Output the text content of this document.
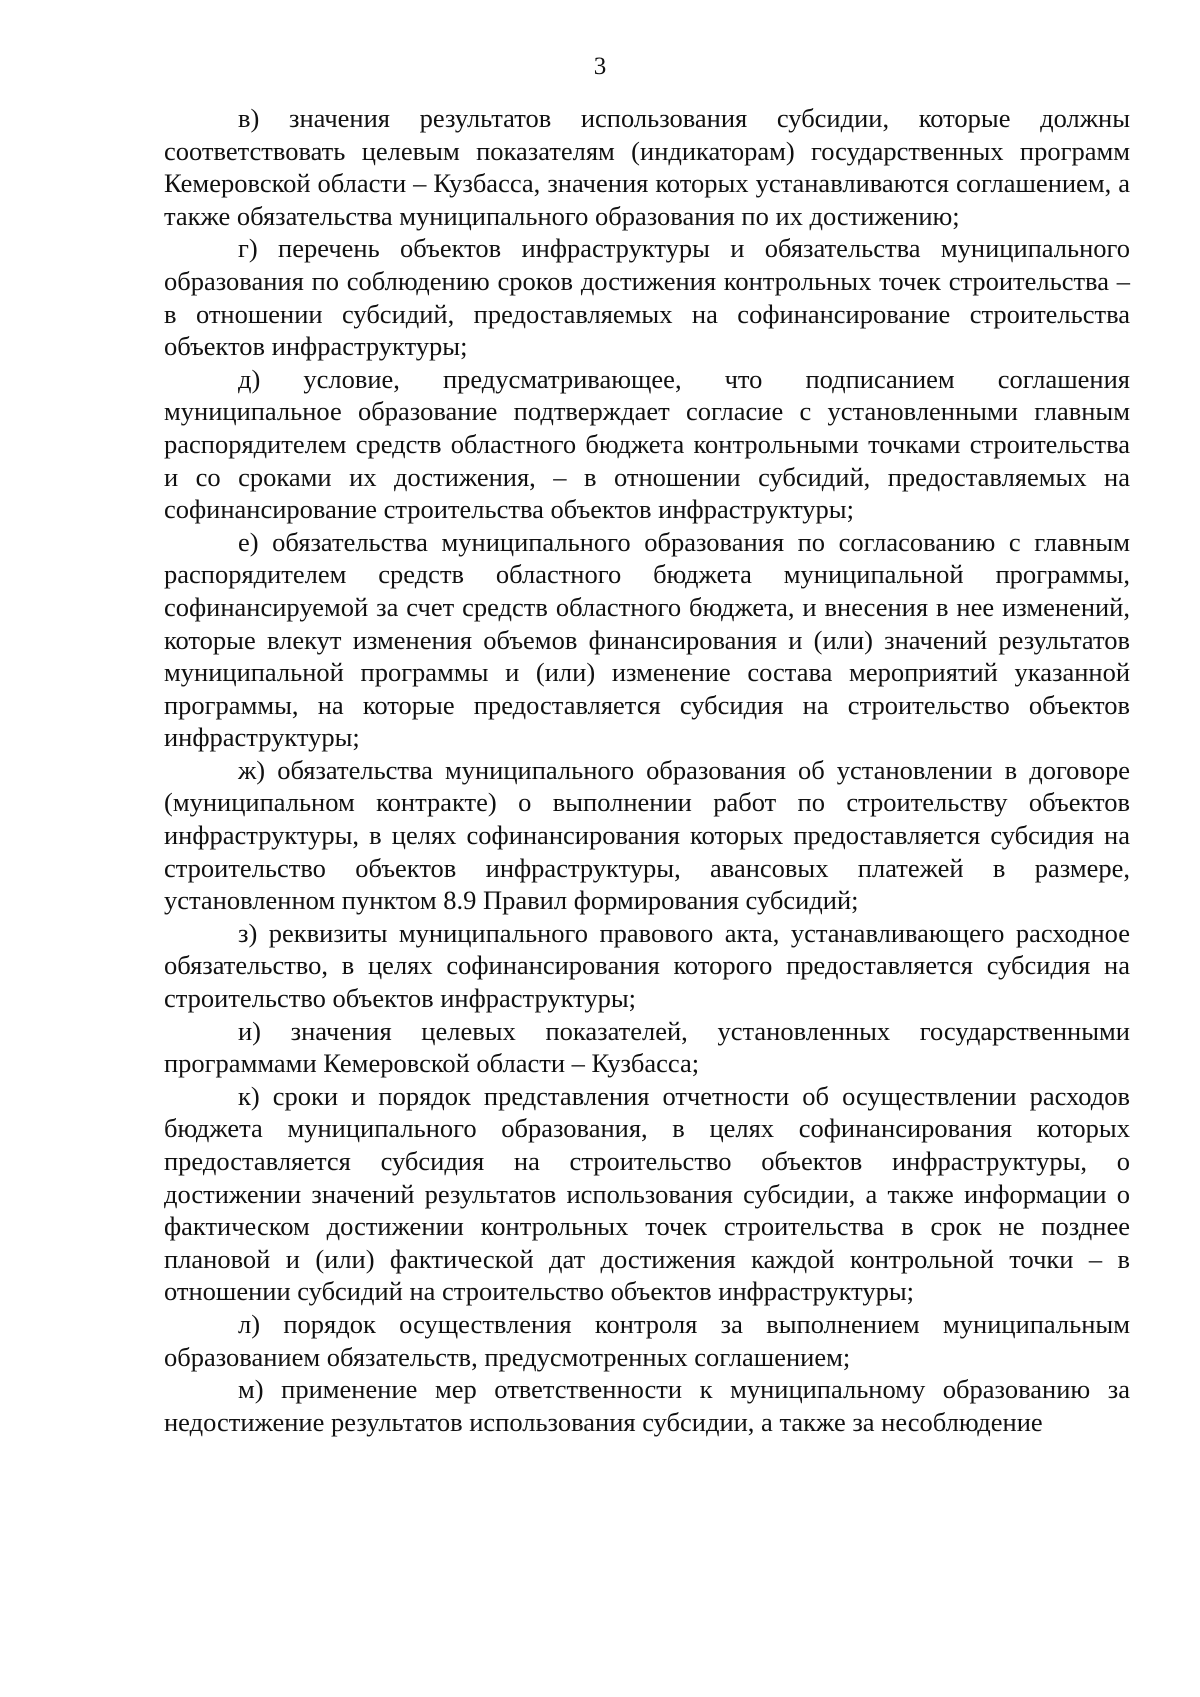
3

в) значения результатов использования субсидии, которые должны соответствовать целевым показателям (индикаторам) государственных программ Кемеровской области – Кузбасса, значения которых устанавливаются соглашением, а также обязательства муниципального образования по их достижению;

г) перечень объектов инфраструктуры и обязательства муниципального образования по соблюдению сроков достижения контрольных точек строительства – в отношении субсидий, предоставляемых на софинансирование строительства объектов инфраструктуры;

д) условие, предусматривающее, что подписанием соглашения муниципальное образование подтверждает согласие с установленными главным распорядителем средств областного бюджета контрольными точками строительства и со сроками их достижения, – в отношении субсидий, предоставляемых на софинансирование строительства объектов инфраструктуры;

е) обязательства муниципального образования по согласованию с главным распорядителем средств областного бюджета муниципальной программы, софинансируемой за счет средств областного бюджета, и внесения в нее изменений, которые влекут изменения объемов финансирования и (или) значений результатов муниципальной программы и (или) изменение состава мероприятий указанной программы, на которые предоставляется субсидия на строительство объектов инфраструктуры;

ж) обязательства муниципального образования об установлении в договоре (муниципальном контракте) о выполнении работ по строительству объектов инфраструктуры, в целях софинансирования которых предоставляется субсидия на строительство объектов инфраструктуры, авансовых платежей в размере, установленном пунктом 8.9 Правил формирования субсидий;

з) реквизиты муниципального правового акта, устанавливающего расходное обязательство, в целях софинансирования которого предоставляется субсидия на строительство объектов инфраструктуры;

и) значения целевых показателей, установленных государственными программами Кемеровской области – Кузбасса;

к) сроки и порядок представления отчетности об осуществлении расходов бюджета муниципального образования, в целях софинансирования которых предоставляется субсидия на строительство объектов инфраструктуры, о достижении значений результатов использования субсидии, а также информации о фактическом достижении контрольных точек строительства в срок не позднее плановой и (или) фактической дат достижения каждой контрольной точки – в отношении субсидий на строительство объектов инфраструктуры;

л) порядок осуществления контроля за выполнением муниципальным образованием обязательств, предусмотренных соглашением;

м) применение мер ответственности к муниципальному образованию за недостижение результатов использования субсидии, а также за несоблюдение
